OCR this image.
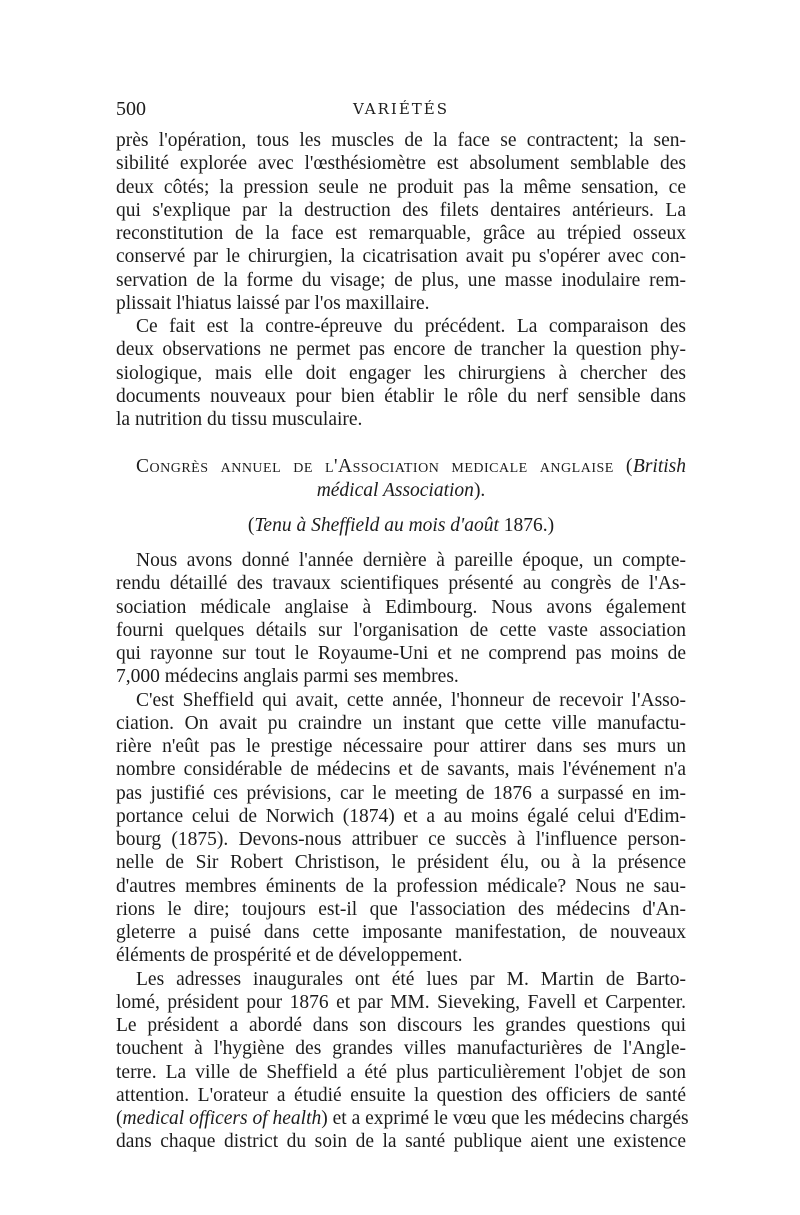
500	VARIÉTÉS
près l'opération, tous les muscles de la face se contractent; la sen-
sibilité explorée avec l'œsthésiomètre est absolument semblable des
deux côtés; la pression seule ne produit pas la même sensation, ce
qui s'explique par la destruction des filets dentaires antérieurs. La
reconstitution de la face est remarquable, grâce au trépied osseux
conservé par le chirurgien, la cicatrisation avait pu s'opérer avec con-
servation de la forme du visage; de plus, une masse inodulaire rem-
plissait l'hiatus laissé par l'os maxillaire.
Ce fait est la contre-épreuve du précédent. La comparaison des
deux observations ne permet pas encore de trancher la question phy-
siologique, mais elle doit engager les chirurgiens à chercher des
documents nouveaux pour bien établir le rôle du nerf sensible dans
la nutrition du tissu musculaire.
Congrès annuel de l'Association medicale anglaise (British
médical Association).
(Tenu à Sheffield au mois d'août 1876.)
Nous avons donné l'année dernière à pareille époque, un compte-
rendu détaillé des travaux scientifiques présenté au congrès de l'As-
sociation médicale anglaise à Edimbourg. Nous avons également
fourni quelques détails sur l'organisation de cette vaste association
qui rayonne sur tout le Royaume-Uni et ne comprend pas moins de
7,000 médecins anglais parmi ses membres.
C'est Sheffield qui avait, cette année, l'honneur de recevoir l'Asso-
ciation. On avait pu craindre un instant que cette ville manufactu-
rière n'eût pas le prestige nécessaire pour attirer dans ses murs un
nombre considérable de médecins et de savants, mais l'événement n'a
pas justifié ces prévisions, car le meeting de 1876 a surpassé en im-
portance celui de Norwich (1874) et a au moins égalé celui d'Edim-
bourg (1875). Devons-nous attribuer ce succès à l'influence person-
nelle de Sir Robert Christison, le président élu, ou à la présence
d'autres membres éminents de la profession médicale? Nous ne sau-
rions le dire; toujours est-il que l'association des médecins d'An-
gleterre a puisé dans cette imposante manifestation, de nouveaux
éléments de prospérité et de développement.
Les adresses inaugurales ont été lues par M. Martin de Barto-
lomé, président pour 1876 et par MM. Sieveking, Favell et Carpenter.
Le président a abordé dans son discours les grandes questions qui
touchent à l'hygiène des grandes villes manufacturières de l'Angle-
terre. La ville de Sheffield a été plus particulièrement l'objet de son
attention. L'orateur a étudié ensuite la question des officiers de santé
(medical officers of health) et a exprimé le vœu que les médecins chargés
dans chaque district du soin de la santé publique aient une existence
